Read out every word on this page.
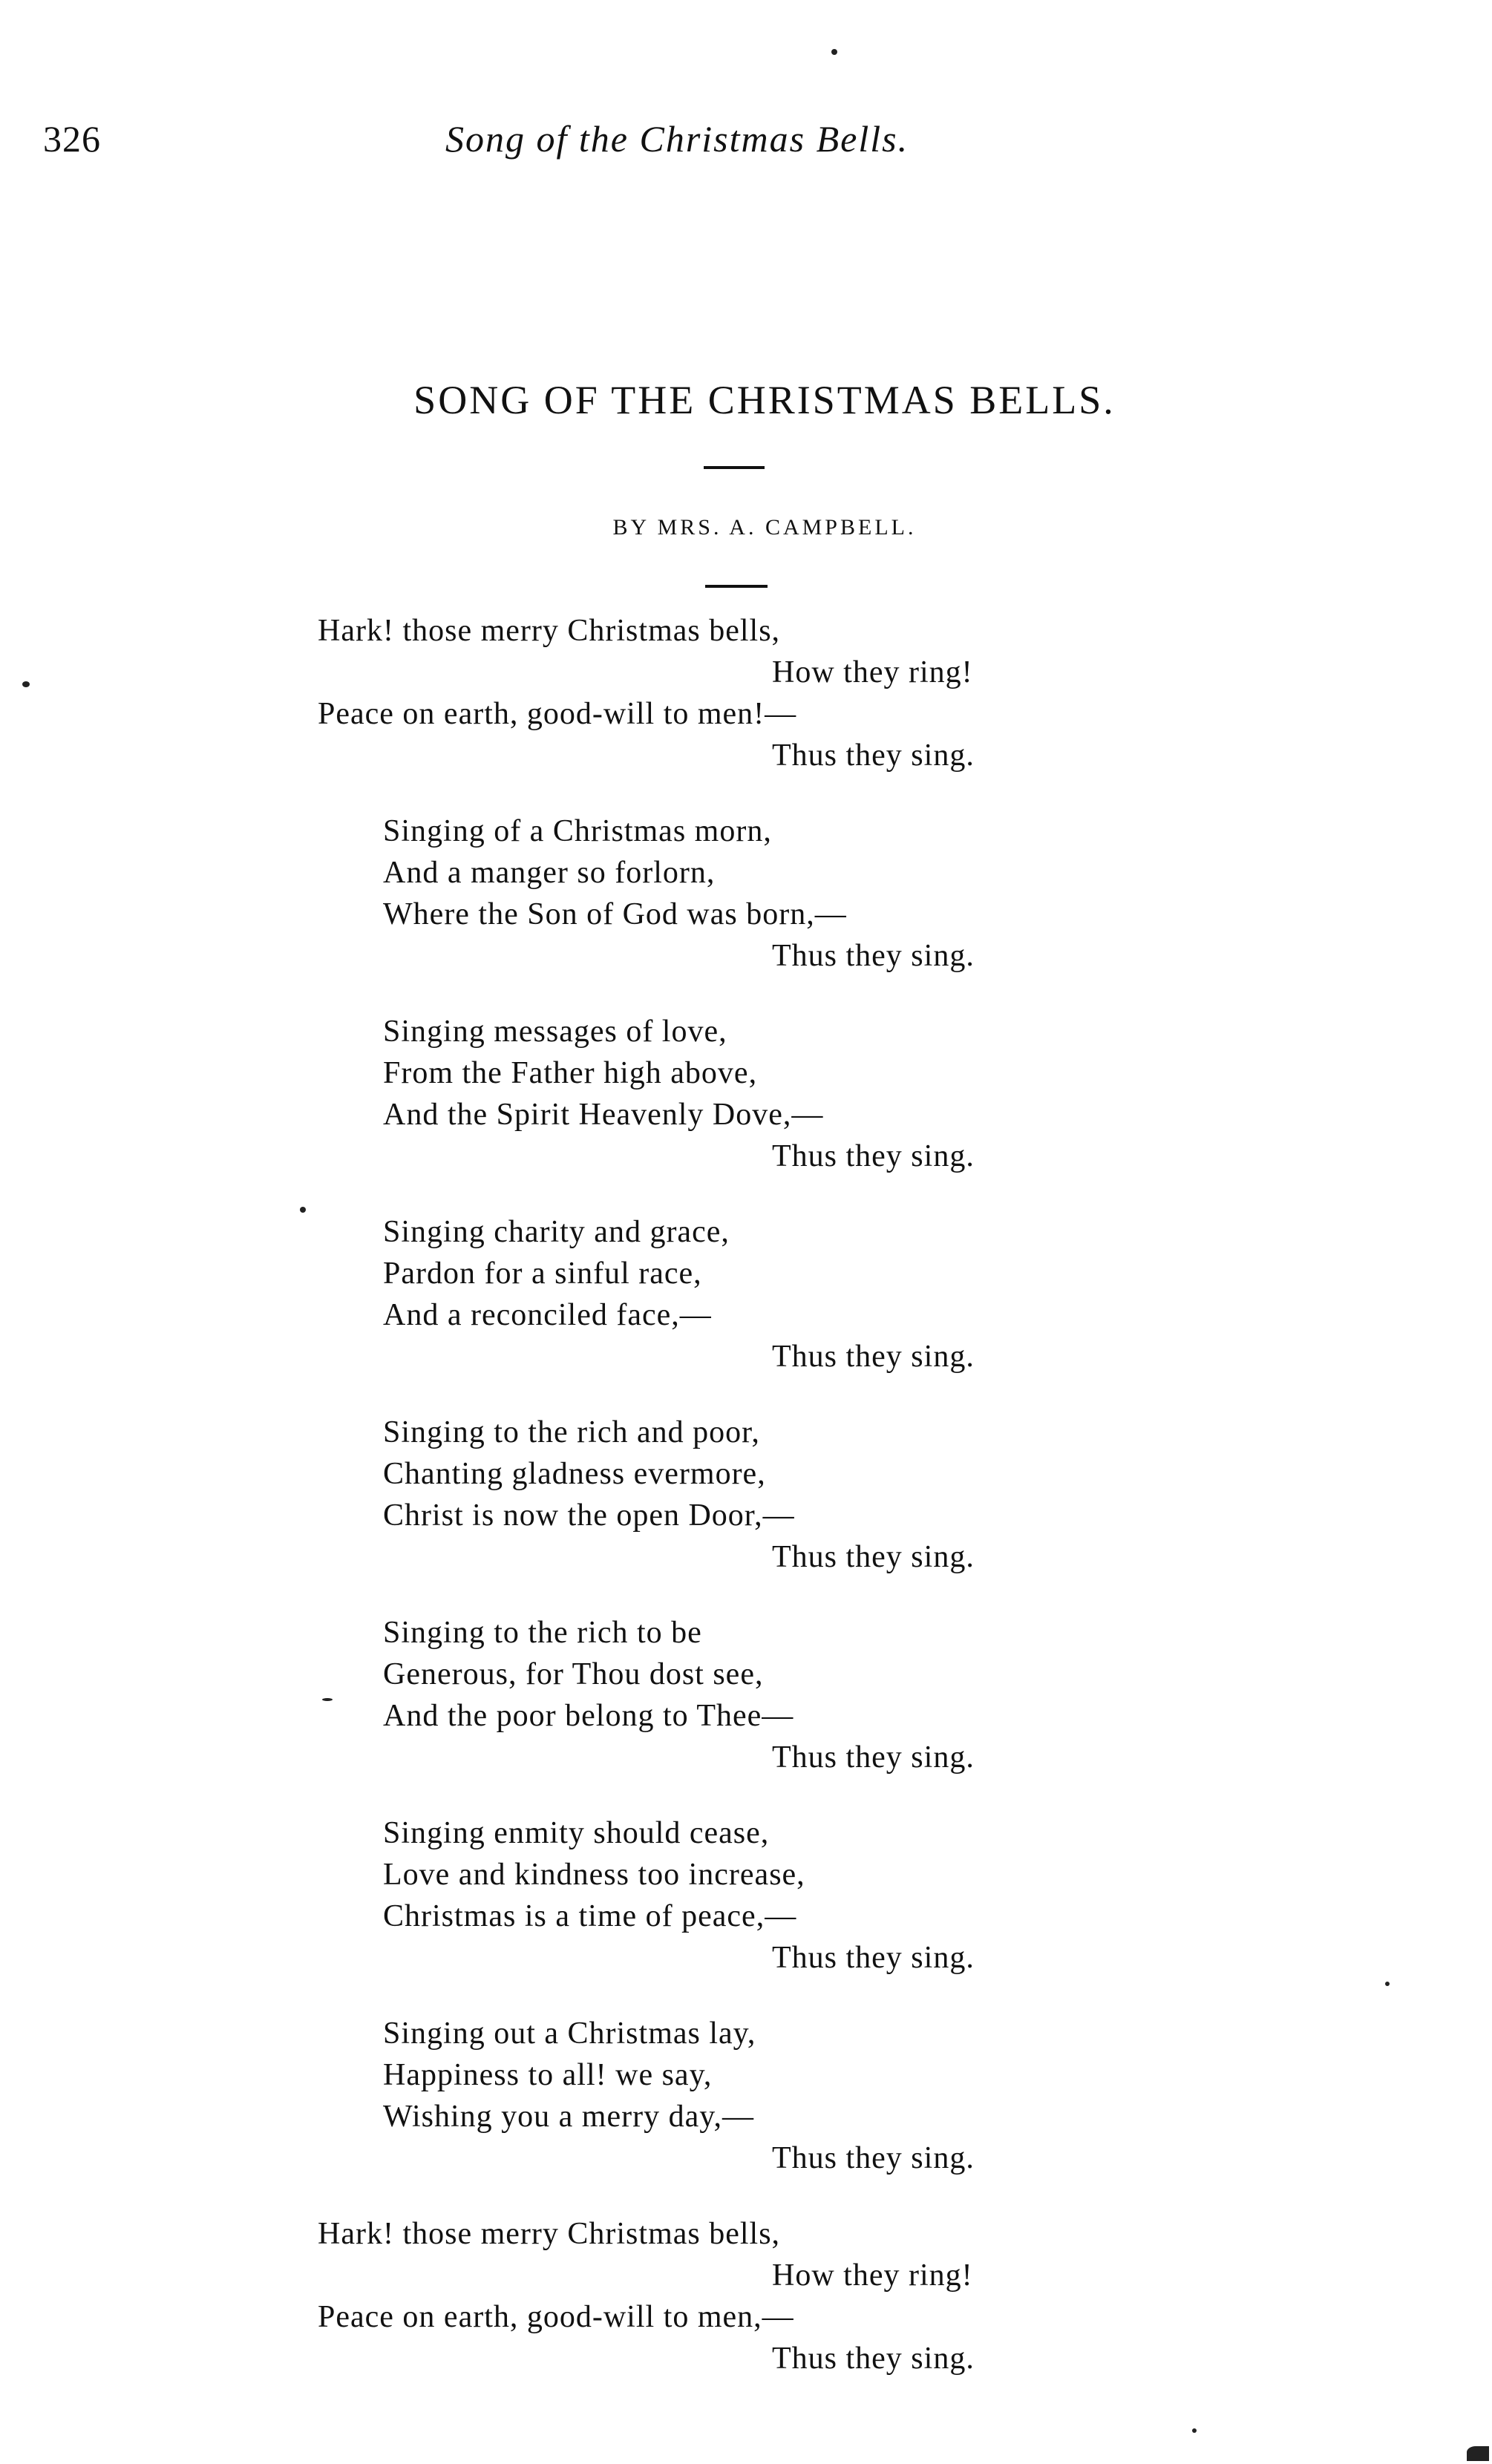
326	Song of the Christmas Bells.
SONG OF THE CHRISTMAS BELLS.
BY MRS. A. CAMPBELL.
Hark! those merry Christmas bells,
How they ring!
Peace on earth, good-will to men!—
Thus they sing.
Singing of a Christmas morn,
And a manger so forlorn,
Where the Son of God was born,—
Thus they sing.
Singing messages of love,
From the Father high above,
And the Spirit Heavenly Dove,—
Thus they sing.
Singing charity and grace,
Pardon for a sinful race,
And a reconciled face,—
Thus they sing.
Singing to the rich and poor,
Chanting gladness evermore,
Christ is now the open Door,—
Thus they sing.
Singing to the rich to be
Generous, for Thou dost see,
And the poor belong to Thee—
Thus they sing.
Singing enmity should cease,
Love and kindness too increase,
Christmas is a time of peace,—
Thus they sing.
Singing out a Christmas lay,
Happiness to all! we say,
Wishing you a merry day,—
Thus they sing.
Hark! those merry Christmas bells,
How they ring!
Peace on earth, good-will to men,—
Thus they sing.
